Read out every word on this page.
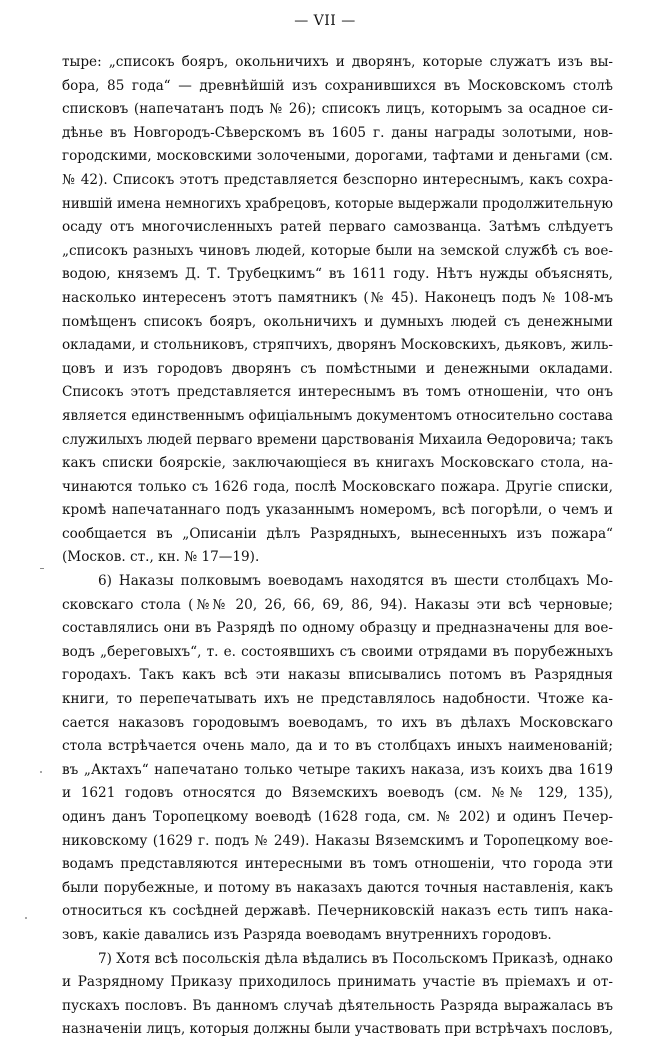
— VII —
тыре: „списокъ бояръ, окольничихъ и дворянъ, которые служатъ изъ вы-
бора, 85 года“ — древнѣйшій изъ сохранившихся въ Московскомъ столѣ
списковъ (напечатанъ подъ № 26); списокъ лицъ, которымъ за осадное си-
дѣнье въ Новгородъ-Сѣверскомъ въ 1605 г. даны награды золотыми, нов-
городскими, московскими золочеными, дорогами, тафтами и деньгами (см.
№ 42). Списокъ этотъ представляется безспорно интереснымъ, какъ сохра-
нившій имена немногихъ храбрецовъ, которые выдержали продолжительную
осаду отъ многочисленныхъ ратей перваго самозванца. Затѣмъ слѣдуетъ
„списокъ разныхъ чиновъ людей, которые были на земской службѣ съ вое-
водою, княземъ Д. Т. Трубецкимъ“ въ 1611 году. Нѣтъ нужды объяснять,
насколько интересенъ этотъ памятникъ (№ 45). Наконецъ подъ № 108-мъ
помѣщенъ списокъ бояръ, окольничихъ и думныхъ людей съ денежными
окладами, и стольниковъ, стряпчихъ, дворянъ Московскихъ, дьяковъ, жиль-
цовъ и изъ городовъ дворянъ съ помѣстными и денежными окладами.
Списокъ этотъ представляется интереснымъ въ томъ отношеніи, что онъ
является единственнымъ офиціальнымъ документомъ относительно состава
служилыхъ людей перваго времени царствованія Михаила Ѳедоровича; такъ
какъ списки боярскіе, заключающіеся въ книгахъ Московскаго стола, на-
чинаются только съ 1626 года, послѣ Московскаго пожара. Другіе списки,
кромѣ напечатаннаго подъ указаннымъ номеромъ, всѣ погорѣли, о чемъ и
сообщается въ „Описаніи дѣлъ Разрядныхъ, вынесенныхъ изъ пожара“
(Москов. ст., кн. № 17—19).
6) Наказы полковымъ воеводамъ находятся въ шести столбцахъ Мо-
сковскаго стола (№№ 20, 26, 66, 69, 86, 94). Наказы эти всѣ черновые;
составлялись они въ Разрядѣ по одному образцу и предназначены для вое-
водъ „береговыхъ“, т. е. состоявшихъ съ своими отрядами въ порубежныхъ
городахъ. Такъ какъ всѣ эти наказы вписывались потомъ въ Разрядныя
книги, то перепечатывать ихъ не представлялось надобности. Чтоже ка-
сается наказовъ городовымъ воеводамъ, то ихъ въ дѣлахъ Московскаго
стола встрѣчается очень мало, да и то въ столбцахъ иныхъ наименованій;
въ „Актахъ“ напечатано только четыре такихъ наказа, изъ коихъ два 1619
и 1621 годовъ относятся до Вяземскихъ воеводъ (см. №№ 129, 135),
одинъ данъ Торопецкому воеводѣ (1628 года, см. № 202) и одинъ Печер-
никовскому (1629 г. подъ № 249). Наказы Вяземскимъ и Торопецкому вое-
водамъ представляются интересными въ томъ отношеніи, что города эти
были порубежные, и потому въ наказахъ даются точныя наставленія, какъ
относиться къ сосѣдней державѣ. Печерниковскій наказъ есть типъ нака-
зовъ, какіе давались изъ Разряда воеводамъ внутреннихъ городовъ.
7) Хотя всѣ посольскія дѣла вѣдались въ Посольскомъ Приказѣ, однако
и Разрядному Приказу приходилось принимать участіе въ пріемахъ и от-
пускахъ пословъ. Въ данномъ случаѣ дѣятельность Разряда выражалась въ
назначеніи лицъ, которыя должны были участвовать при встрѣчахъ пословъ,
